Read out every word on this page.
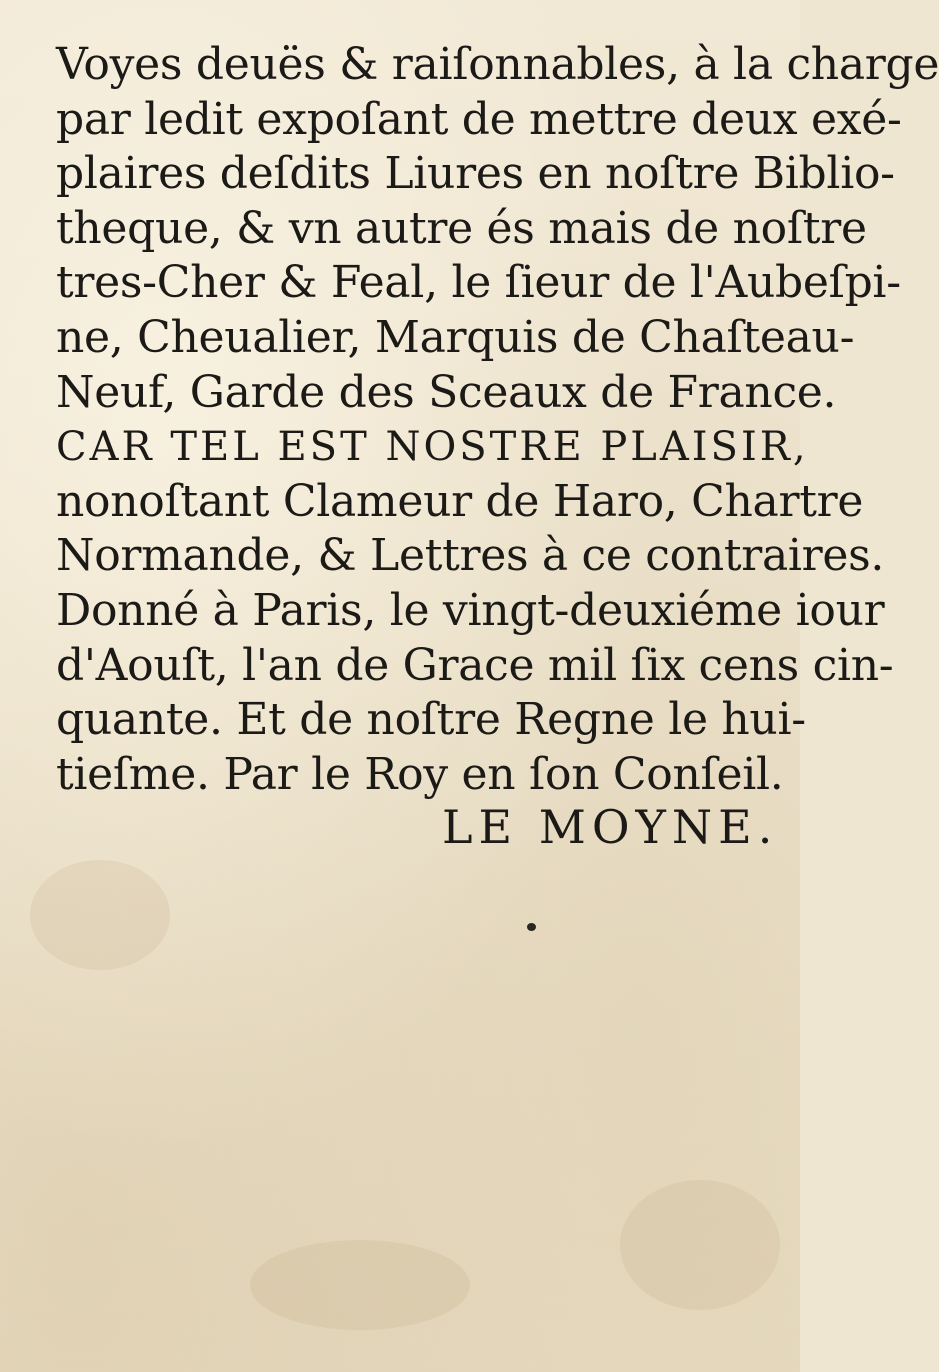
Voyes deuës & raiſonnables, à la charge
par ledit expoſant de mettre deux exé-
plaires deſdits Liures en noſtre Biblio-
theque, & vn autre és mais de noſtre
tres-Cher & Feal, le ſieur de l'Aubeſpi-
ne, Cheualier, Marquis de Chaſteau-
Neuf, Garde des Sceaux de France.
CAR TEL EST NOSTRE PLAISIR,
nonoſtant Clameur de Haro, Chartre
Normande, & Lettres à ce contraires.
Donné à Paris, le vingt-deuxiéme iour
d'Aouſt, l'an de Grace mil ſix cens cin-
quante. Et de noſtre Regne le hui-
tieſme. Par le Roy en ſon Conſeil.
LE MOYNE.
